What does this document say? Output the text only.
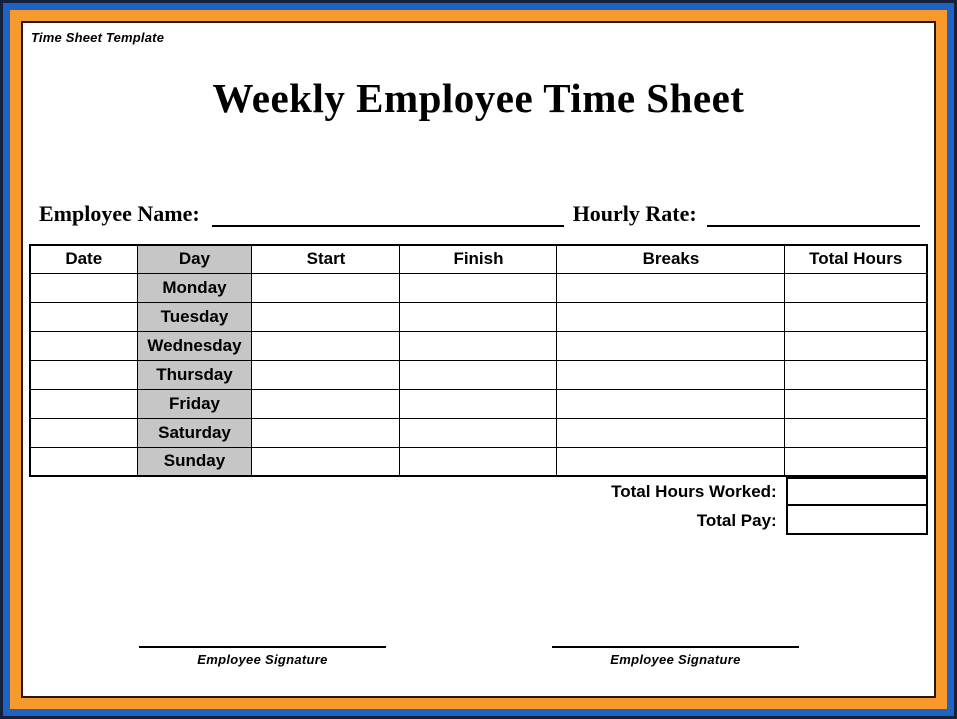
Time Sheet Template
Weekly Employee Time Sheet
Employee Name:	Hourly Rate:
Date	Day	Start	Finish	Breaks	Total Hours
	Monday				
	Tuesday				
	Wednesday				
	Thursday				
	Friday				
	Saturday				
	Sunday				
Total Hours Worked:
Total Pay:
Employee Signature	Employee Signature
